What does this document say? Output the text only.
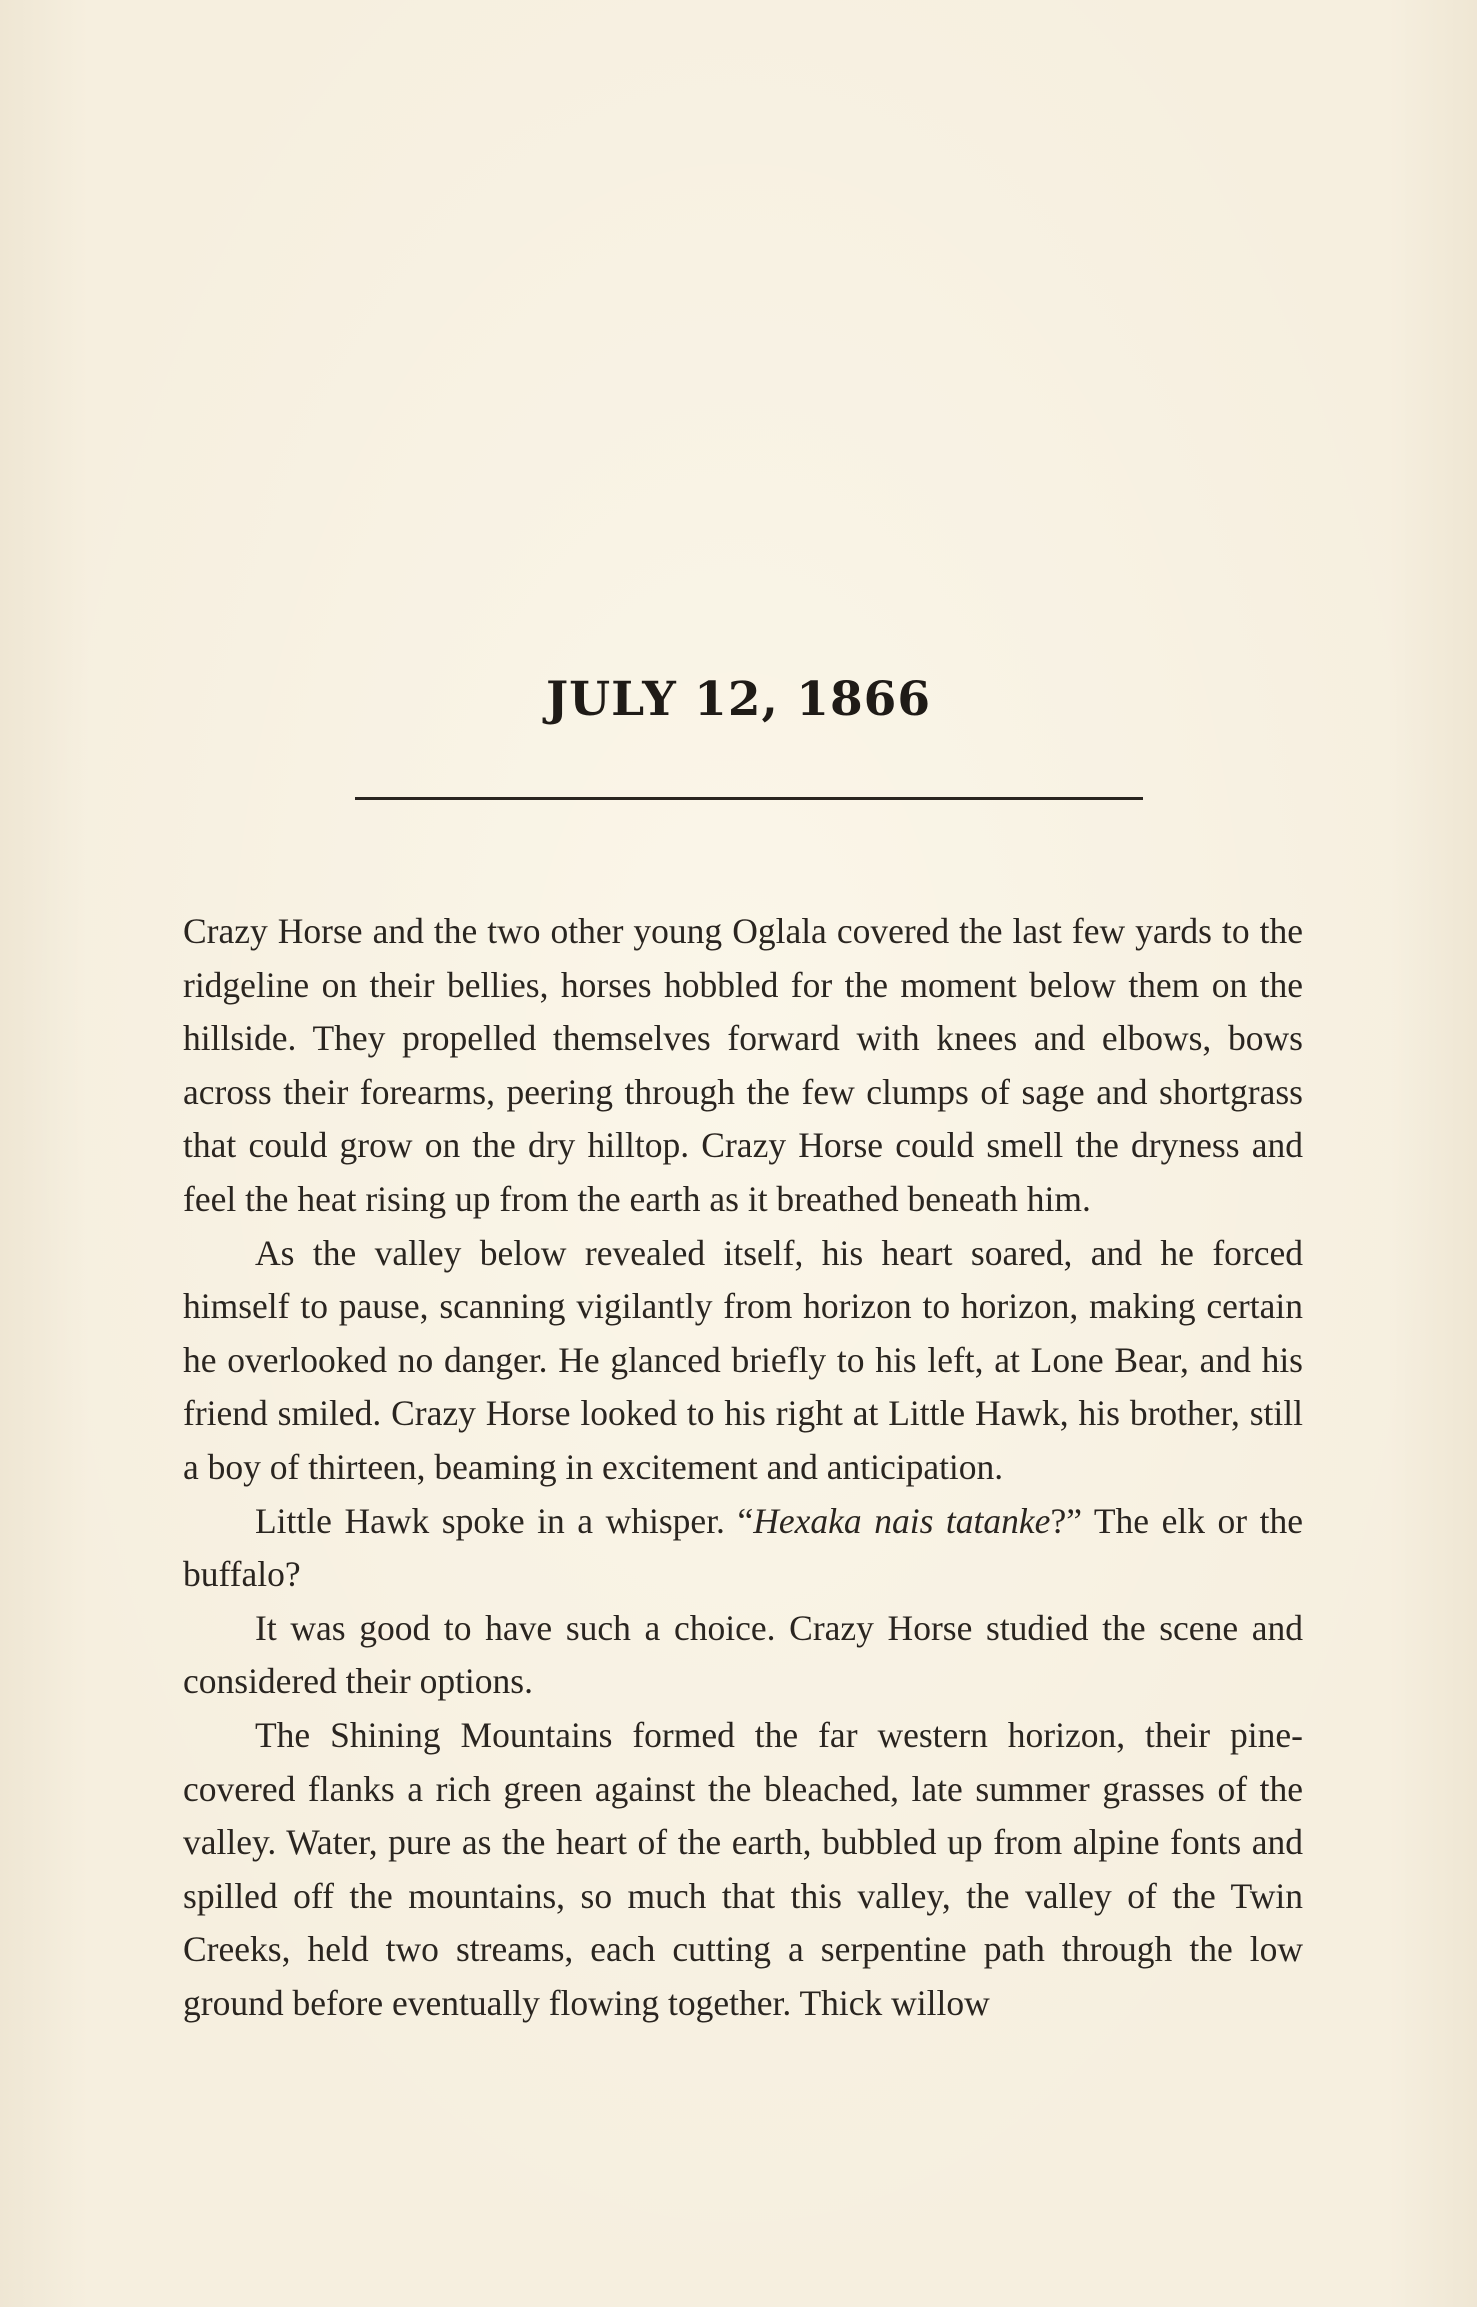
JULY 12, 1866

Crazy Horse and the two other young Oglala covered the last few yards to the ridgeline on their bellies, horses hobbled for the moment below them on the hillside. They propelled themselves forward with knees and elbows, bows across their forearms, peering through the few clumps of sage and shortgrass that could grow on the dry hilltop. Crazy Horse could smell the dryness and feel the heat rising up from the earth as it breathed beneath him.

As the valley below revealed itself, his heart soared, and he forced himself to pause, scanning vigilantly from horizon to horizon, making certain he overlooked no danger. He glanced briefly to his left, at Lone Bear, and his friend smiled. Crazy Horse looked to his right at Little Hawk, his brother, still a boy of thirteen, beaming in excitement and anticipation.

Little Hawk spoke in a whisper. “Hexaka nais tatanke?” The elk or the buffalo?

It was good to have such a choice. Crazy Horse studied the scene and considered their options.

The Shining Mountains formed the far western horizon, their pine-covered flanks a rich green against the bleached, late summer grasses of the valley. Water, pure as the heart of the earth, bubbled up from alpine fonts and spilled off the mountains, so much that this valley, the valley of the Twin Creeks, held two streams, each cutting a serpentine path through the low ground before eventually flowing together. Thick willow
